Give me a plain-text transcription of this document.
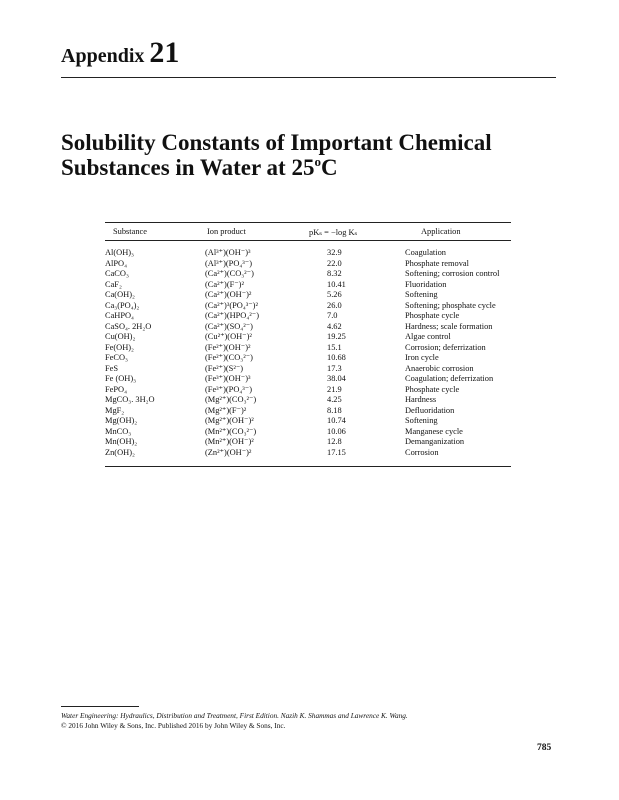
Appendix 21
Solubility Constants of Important Chemical
Substances in Water at 25$^o$C
Substance	Ion product	pKₛ = −log Kₛ	Application
Al(OH)₃	(Al³⁺)(OH⁻)³	32.9	Coagulation
AlPO₄	(Al³⁺)(PO₄³⁻)	22.0	Phosphate removal
CaCO₃	(Ca²⁺)(CO₃²⁻)	8.32	Softening; corrosion control
CaF₂	(Ca²⁺)(F⁻)²	10.41	Fluoridation
Ca(OH)₂	(Ca²⁺)(OH⁻)²	5.26	Softening
Ca₃(PO₄)₂	(Ca²⁺)³(PO₄³⁻)²	26.0	Softening; phosphate cycle
CaHPO₄	(Ca²⁺)(HPO₄²⁻)	7.0	Phosphate cycle
CaSO₄. 2H₂O	(Ca²⁺)(SO₄²⁻)	4.62	Hardness; scale formation
Cu(OH)₂	(Cu²⁺)(OH⁻)²	19.25	Algae control
Fe(OH)₂	(Fe²⁺)(OH⁻)²	15.1	Corrosion; deferrization
FeCO₃	(Fe²⁺)(CO₃²⁻)	10.68	Iron cycle
FeS	(Fe²⁺)(S²⁻)	17.3	Anaerobic corrosion
Fe (OH)₃	(Fe³⁺)(OH⁻)³	38.04	Coagulation; deferrization
FePO₄	(Fe³⁺)(PO₄³⁻)	21.9	Phosphate cycle
MgCO₃. 3H₂O	(Mg²⁺)(CO₃²⁻)	4.25	Hardness
MgF₂	(Mg²⁺)(F⁻)²	8.18	Defluoridation
Mg(OH)₂	(Mg²⁺)(OH⁻)²	10.74	Softening
MnCO₃	(Mn²⁺)(CO₃²⁻)	10.06	Manganese cycle
Mn(OH)₂	(Mn²⁺)(OH⁻)²	12.8	Demanganization
Zn(OH)₂	(Zn²⁺)(OH⁻)²	17.15	Corrosion
Water Engineering: Hydraulics, Distribution and Treatment, First Edition. Nazih K. Shammas and Lawrence K. Wang.
© 2016 John Wiley & Sons, Inc. Published 2016 by John Wiley & Sons, Inc.
785
